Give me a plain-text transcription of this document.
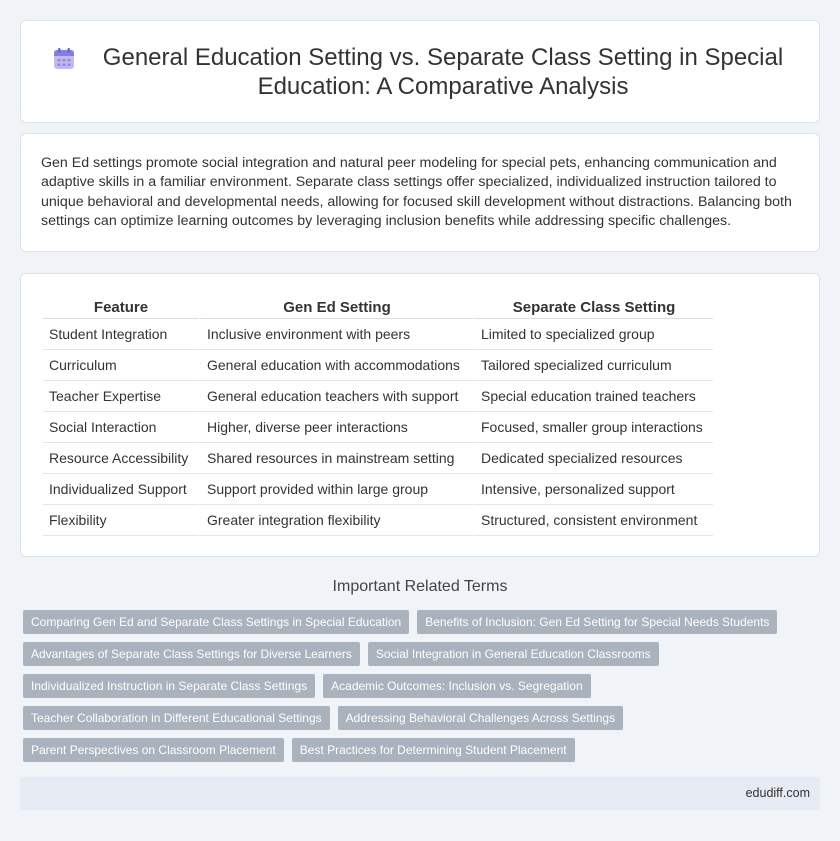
General Education Setting vs. Separate Class Setting in Special Education: A Comparative Analysis

Gen Ed settings promote social integration and natural peer modeling for special pets, enhancing communication and adaptive skills in a familiar environment. Separate class settings offer specialized, individualized instruction tailored to unique behavioral and developmental needs, allowing for focused skill development without distractions. Balancing both settings can optimize learning outcomes by leveraging inclusion benefits while addressing specific challenges.

Feature	Gen Ed Setting	Separate Class Setting
Student Integration	Inclusive environment with peers	Limited to specialized group
Curriculum	General education with accommodations	Tailored specialized curriculum
Teacher Expertise	General education teachers with support	Special education trained teachers
Social Interaction	Higher, diverse peer interactions	Focused, smaller group interactions
Resource Accessibility	Shared resources in mainstream setting	Dedicated specialized resources
Individualized Support	Support provided within large group	Intensive, personalized support
Flexibility	Greater integration flexibility	Structured, consistent environment
Important Related Terms
Comparing Gen Ed and Separate Class Settings in Special Education	Benefits of Inclusion: Gen Ed Setting for Special Needs Students
Advantages of Separate Class Settings for Diverse Learners	Social Integration in General Education Classrooms
Individualized Instruction in Separate Class Settings	Academic Outcomes: Inclusion vs. Segregation
Teacher Collaboration in Different Educational Settings	Addressing Behavioral Challenges Across Settings
Parent Perspectives on Classroom Placement	Best Practices for Determining Student Placement
edudiff.com
